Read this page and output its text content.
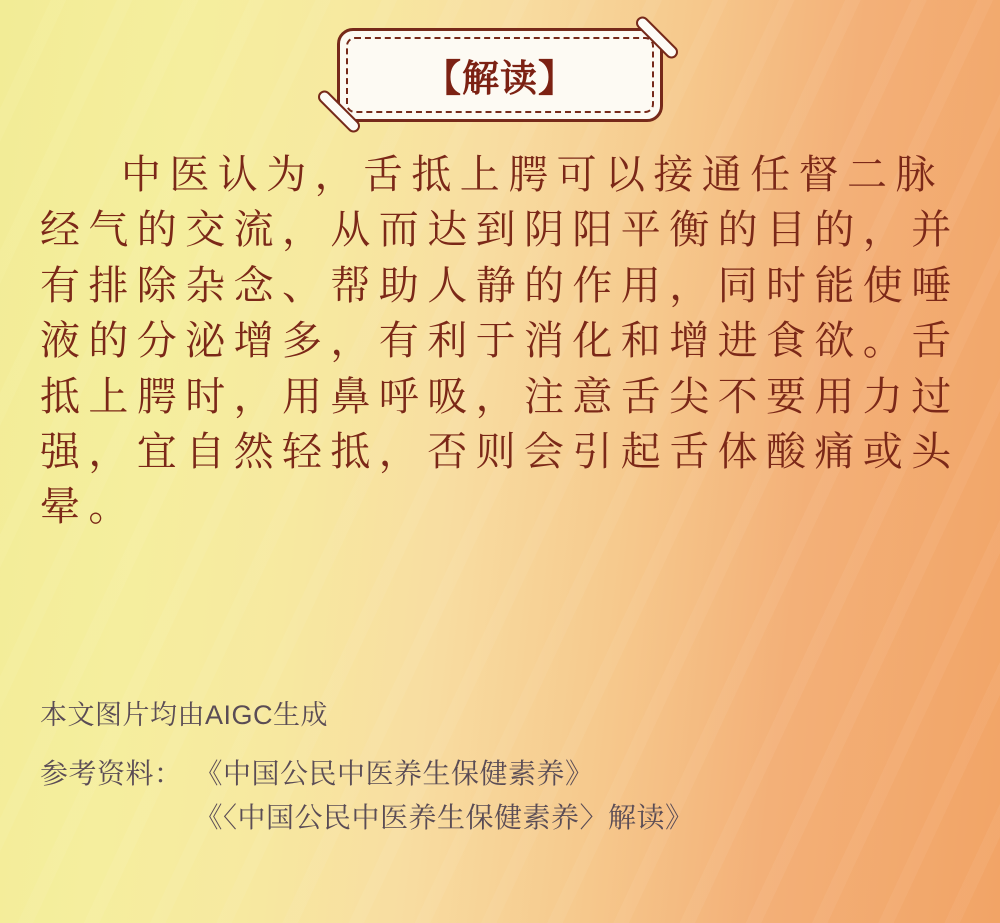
【解读】
中医认为，舌抵上腭可以接通任督二脉
经气的交流，从而达到阴阳平衡的目的，并
有排除杂念、帮助人静的作用，同时能使唾
液的分泌增多，有利于消化和增进食欲。舌
抵上腭时，用鼻呼吸，注意舌尖不要用力过
强，宜自然轻抵，否则会引起舌体酸痛或头
晕。
本文图片均由AIGC生成
参考资料： 《中国公民中医养生保健素养》
《〈中国公民中医养生保健素养〉解读》
